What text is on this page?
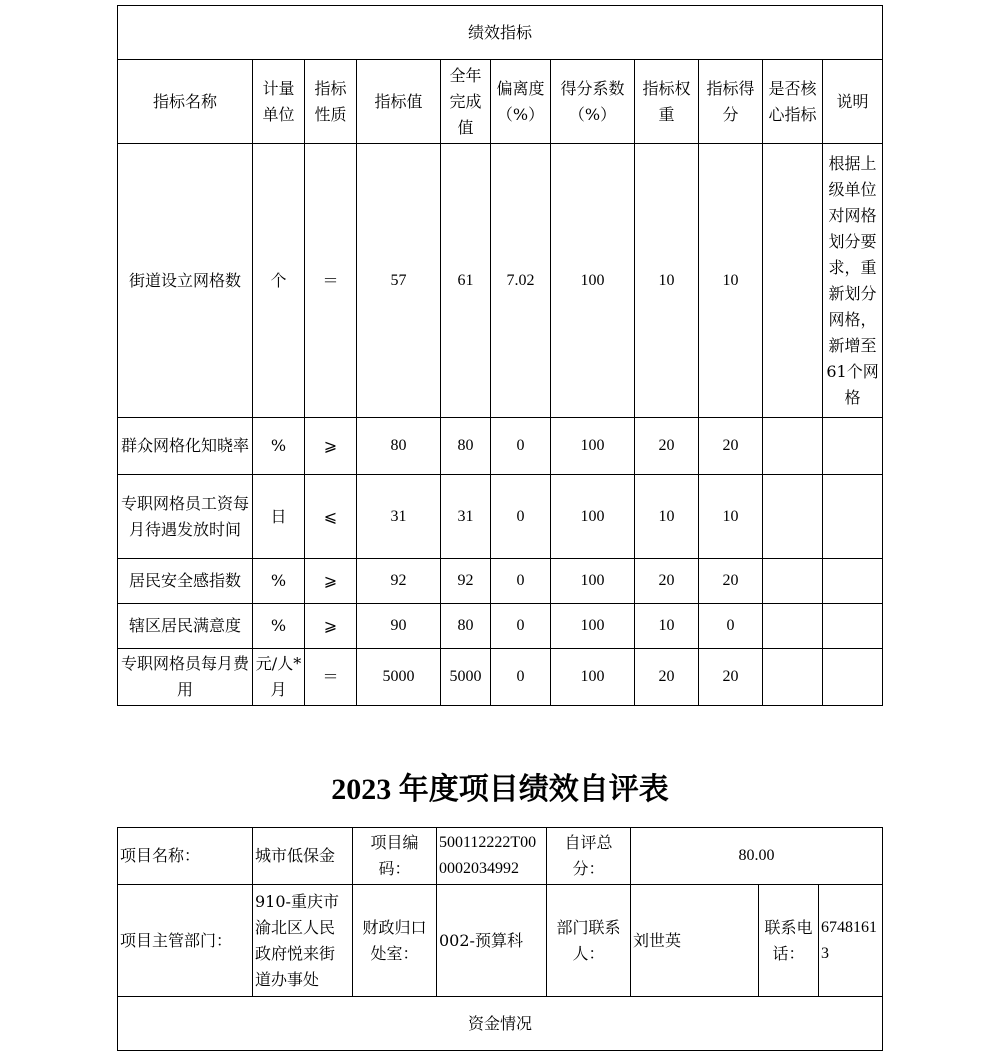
绩效指标										
指标名称	计量单位	指标性质	指标值	全年完成值	偏离度（%）	得分系数（%）	指标权重	指标得分	是否核心指标	说明
街道设立网格数	个	＝	57	61	7.02	100	10	10		根据上级单位对网格划分要求，重新划分网格，新增至61个网格
群众网格化知晓率	%	⩾	80	80	0	100	20	20		
专职网格员工资每月待遇发放时间	日	⩽	31	31	0	100	10	10		
居民安全感指数	%	⩾	92	92	0	100	20	20		
辖区居民满意度	%	⩾	90	80	0	100	10	0		
专职网格员每月费用	元/人*月	＝	5000	5000	0	100	20	20		
2023 年度项目绩效自评表
项目名称：	城市低保金	项目编码：	500112222T000002034992	自评总分：	80.00		
项目主管部门：	910-重庆市渝北区人民政府悦来街道办事处	财政归口处室：	002-预算科	部门联系人：	刘世英	联系电话：	67481613
资金情况							
